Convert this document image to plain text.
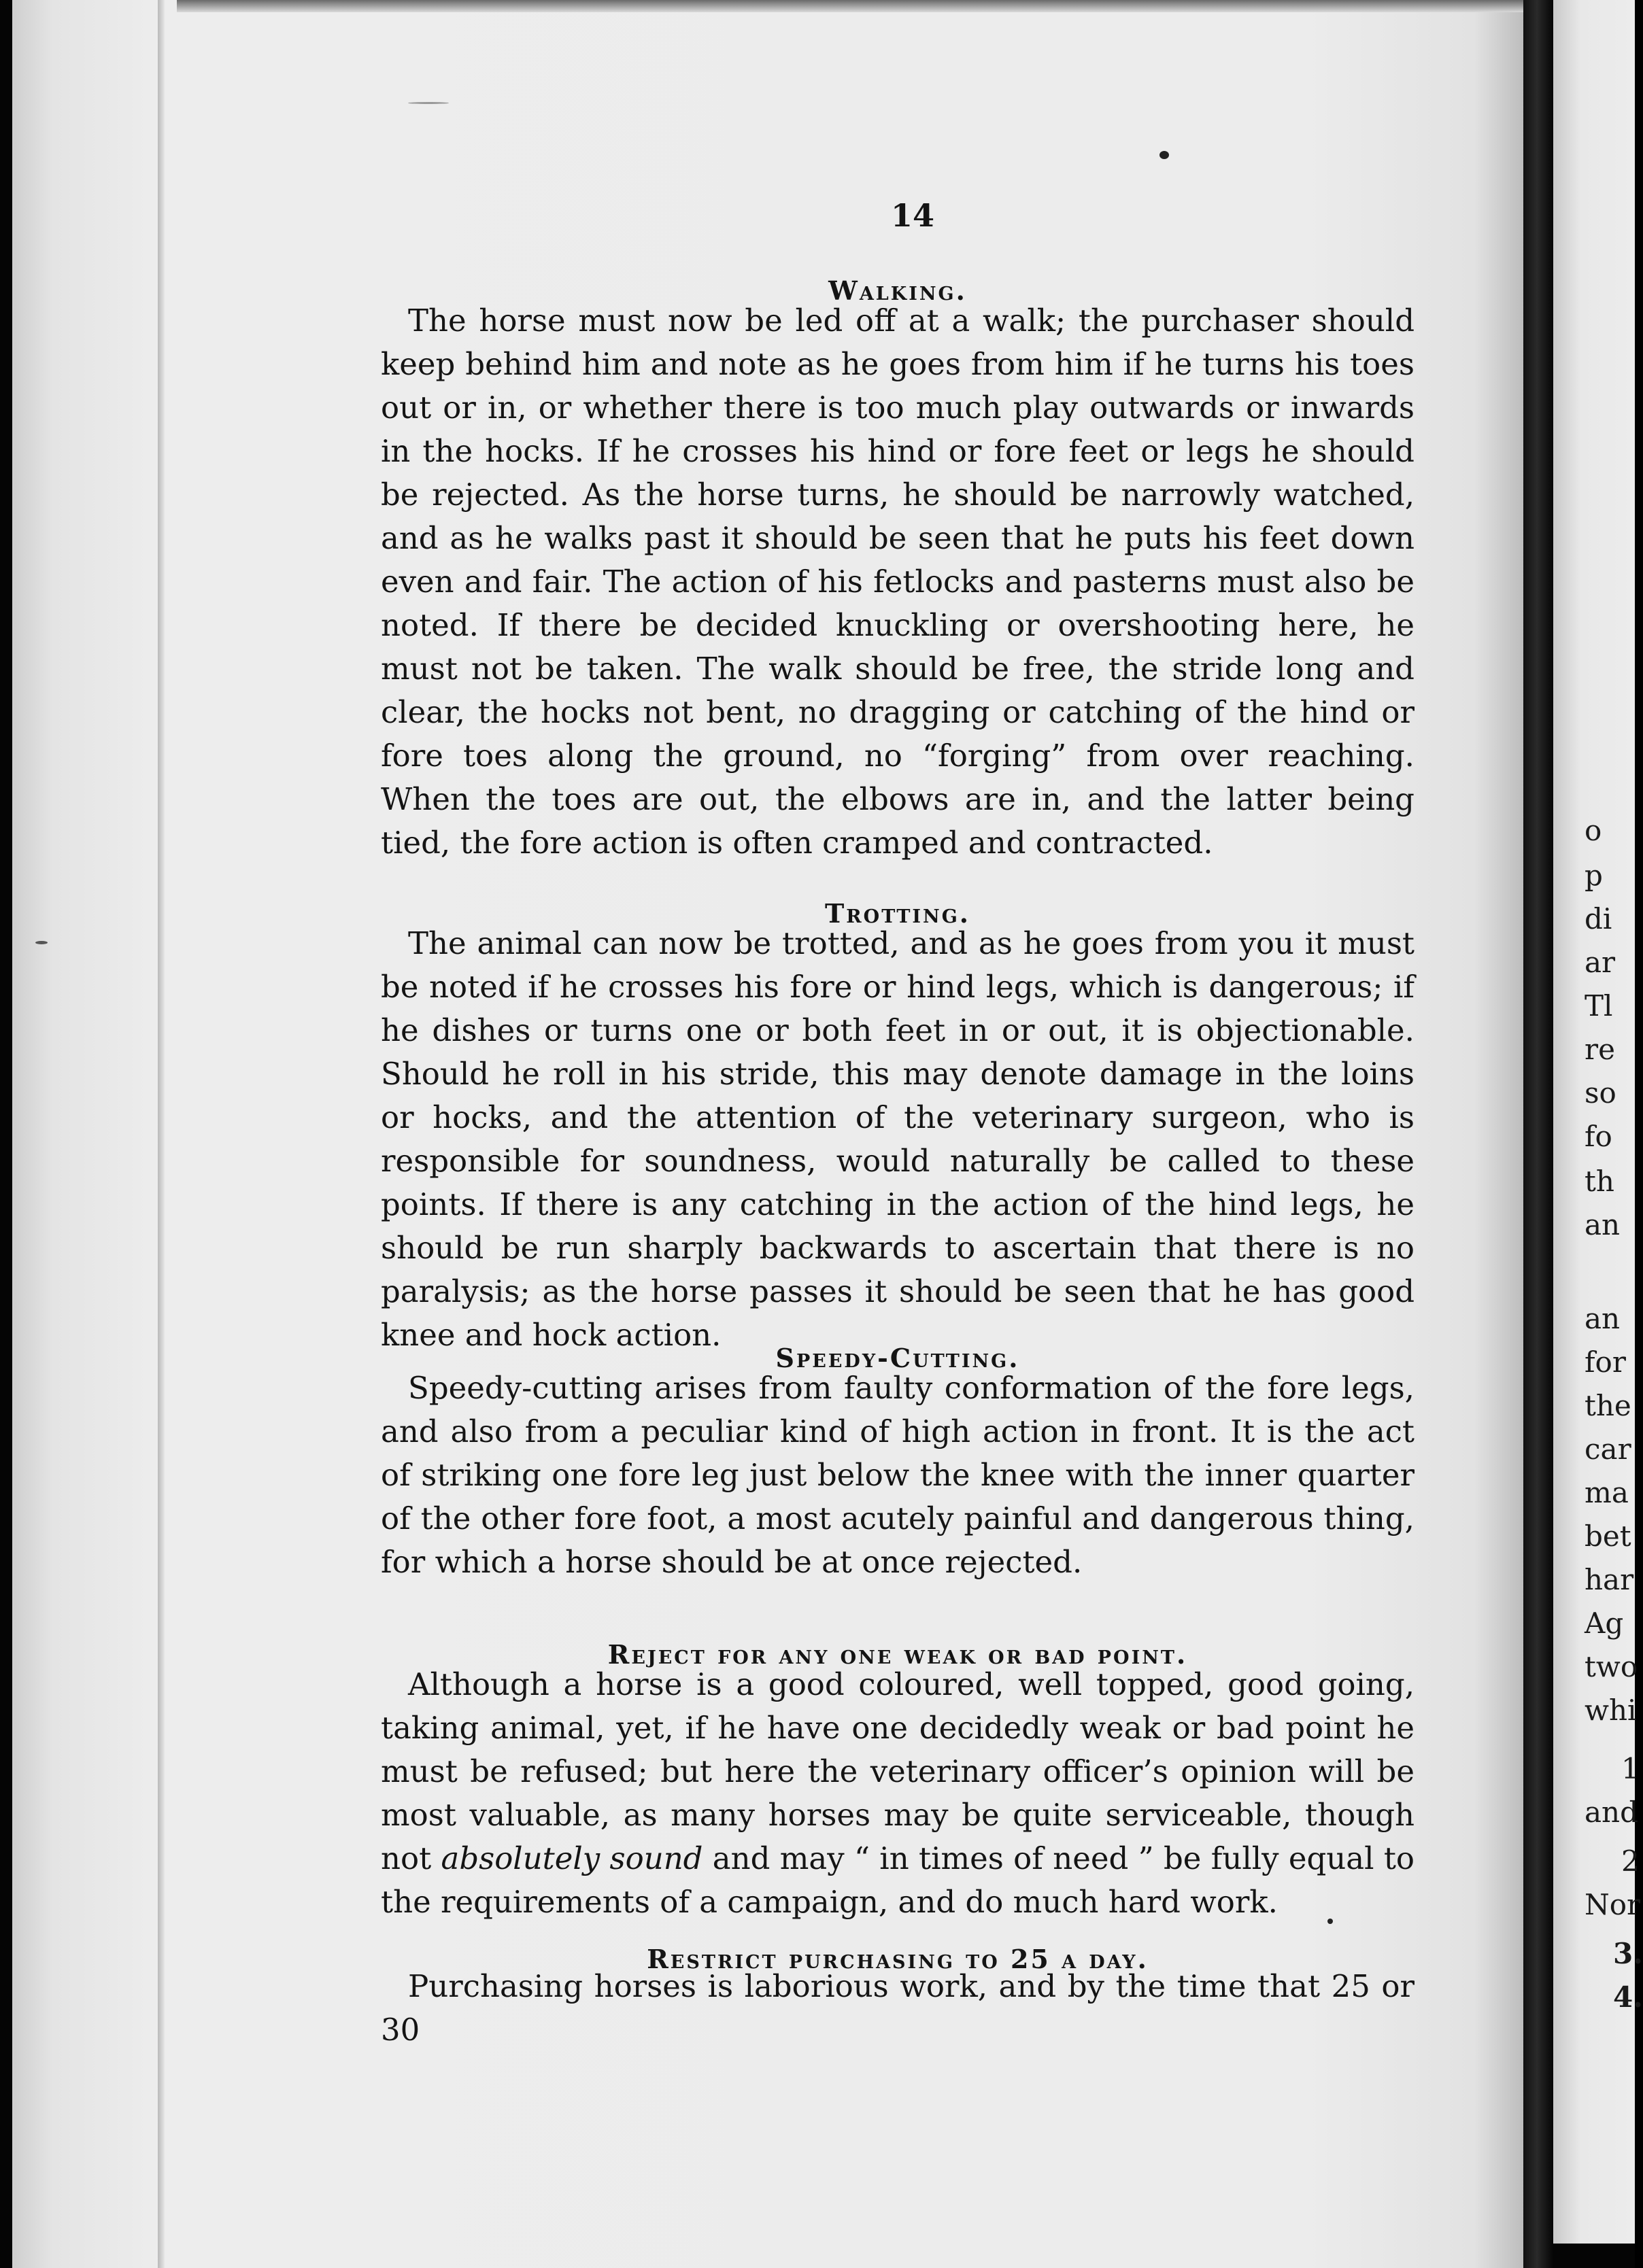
14
Walking.

The horse must now be led off at a walk; the purchaser should keep behind him and note as he goes from him if he turns his toes out or in, or whether there is too much play outwards or inwards in the hocks. If he crosses his hind or fore feet or legs he should be rejected. As the horse turns, he should be narrowly watched, and as he walks past it should be seen that he puts his feet down even and fair. The action of his fetlocks and pasterns must also be noted. If there be decided knuckling or overshooting here, he must not be taken. The walk should be free, the stride long and clear, the hocks not bent, no dragging or catching of the hind or fore toes along the ground, no “forging” from over reaching. When the toes are out, the elbows are in, and the latter being tied, the fore action is often cramped and contracted.

Trotting.

The animal can now be trotted, and as he goes from you it must be noted if he crosses his fore or hind legs, which is dangerous; if he dishes or turns one or both feet in or out, it is objectionable. Should he roll in his stride, this may denote damage in the loins or hocks, and the attention of the veterinary surgeon, who is responsible for soundness, would naturally be called to these points. If there is any catching in the action of the hind legs, he should be run sharply backwards to ascertain that there is no paralysis; as the horse passes it should be seen that he has good knee and hock action.

Speedy-Cutting.

Speedy-cutting arises from faulty conformation of the fore legs, and also from a peculiar kind of high action in front. It is the act of striking one fore leg just below the knee with the inner quarter of the other fore foot, a most acutely painful and dangerous thing, for which a horse should be at once rejected.

Reject for any one weak or bad point.

Although a horse is a good coloured, well topped, good going, taking animal, yet, if he have one decidedly weak or bad point he must be refused; but here the veterinary officer’s opinion will be most valuable, as many horses may be quite serviceable, though not absolutely sound and may “ in times of need ” be fully equal to the requirements of a campaign, and do much hard work.

Restrict purchasing to 25 a day.

Purchasing horses is laborious work, and by the time that 25 or 30

o
p
di
ar
Tl
re
so
fo
th
an
an
for
the
car
ma
bet
har
Ag
two
whi
1
and
2
Nor
3.
4.
